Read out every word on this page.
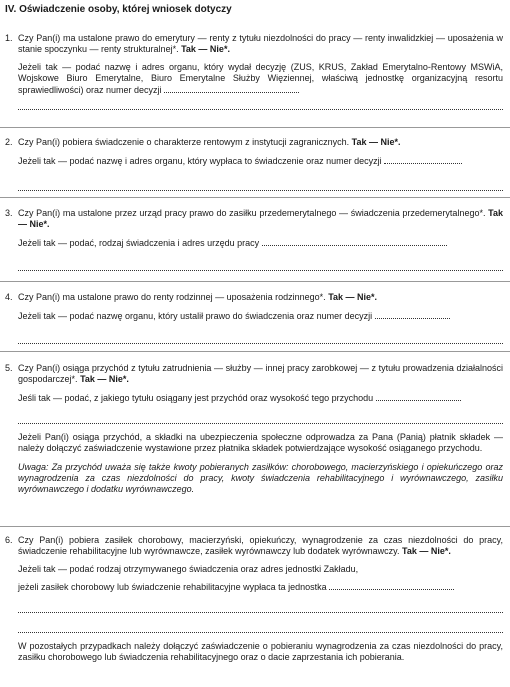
IV. Oświadczenie osoby, której wniosek dotyczy
1. Czy Pan(i) ma ustalone prawo do emerytury — renty z tytułu niezdolności do pracy — renty inwalidzkiej — uposażenia w stanie spoczynku — renty strukturalnej*. Tak — Nie*.
Jeżeli tak — podać nazwę i adres organu, który wydał decyzję (ZUS, KRUS, Zakład Emerytalno-Rentowy MSWiA, Wojskowe Biuro Emerytalne, Biuro Emerytalne Służby Więziennej, właściwą jednostkę organizacyjną resortu sprawiedliwości) oraz numer decyzji
2. Czy Pan(i) pobiera świadczenie o charakterze rentowym z instytucji zagranicznych. Tak — Nie*.
Jeżeli tak — podać nazwę i adres organu, który wypłaca to świadczenie oraz numer decyzji
3. Czy Pan(i) ma ustalone przez urząd pracy prawo do zasiłku przedemerytalnego — świadczenia przedemerytalnego*. Tak — Nie*.
Jeżeli tak — podać, rodzaj świadczenia i adres urzędu pracy
4. Czy Pan(i) ma ustalone prawo do renty rodzinnej — uposażenia rodzinnego*. Tak — Nie*.
Jeżeli tak — podać nazwę organu, który ustalił prawo do świadczenia oraz numer decyzji
5. Czy Pan(i) osiąga przychód z tytułu zatrudnienia — służby — innej pracy zarobkowej — z tytułu prowadzenia działalności gospodarczej*. Tak — Nie*.
Jeśli tak — podać, z jakiego tytułu osiągany jest przychód oraz wysokość tego przychodu
Jeżeli Pan(i) osiąga przychód, a składki na ubezpieczenia społeczne odprowadza za Pana (Panią) płatnik składek — należy dołączyć zaświadczenie wystawione przez płatnika składek potwierdzające wysokość osiąganego przychodu.
Uwaga: Za przychód uważa się także kwoty pobieranych zasiłków: chorobowego, macierzyńskiego i opiekuńczego oraz wynagrodzenia za czas niezdolności do pracy, kwoty świadczenia rehabilitacyjnego i wyrównawczego, zasiłku wyrównawczego i dodatku wyrównawczego.
6. Czy Pan(i) pobiera zasiłek chorobowy, macierzyński, opiekuńczy, wynagrodzenie za czas niezdolności do pracy, świadczenie rehabilitacyjne lub wyrównawcze, zasiłek wyrównawczy lub dodatek wyrównawczy. Tak — Nie*.
Jeżeli tak — podać rodzaj otrzymywanego świadczenia oraz adres jednostki Zakładu,
jeżeli zasiłek chorobowy lub świadczenie rehabilitacyjne wypłaca ta jednostka
W pozostałych przypadkach należy dołączyć zaświadczenie o pobieraniu wynagrodzenia za czas niezdolności do pracy, zasiłku chorobowego lub świadczenia rehabilitacyjnego oraz o dacie zaprzestania ich pobierania.
